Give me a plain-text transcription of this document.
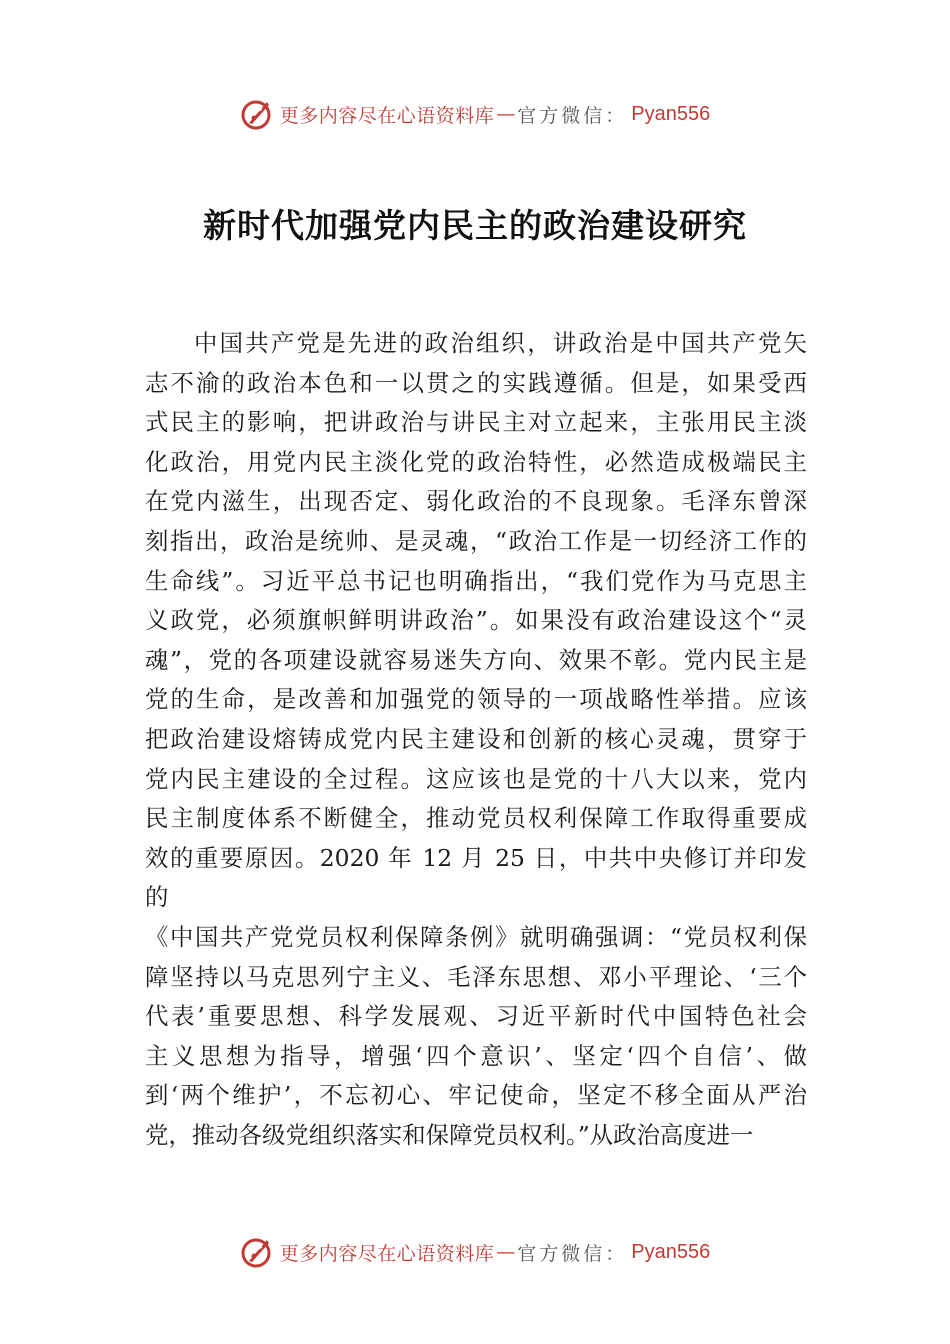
更多内容尽在心语资料库 — 官方微信： Pyan556
新时代加强党内民主的政治建设研究
中国共产党是先进的政治组织，讲政治是中国共产党矢
志不渝的政治本色和一以贯之的实践遵循。但是，如果受西
式民主的影响，把讲政治与讲民主对立起来，主张用民主淡
化政治，用党内民主淡化党的政治特性，必然造成极端民主
在党内滋生，出现否定、弱化政治的不良现象。毛泽东曾深
刻指出，政治是统帅、是灵魂，“政治工作是一切经济工作的
生命线”。习近平总书记也明确指出，“我们党作为马克思主
义政党，必须旗帜鲜明讲政治”。如果没有政治建设这个“灵
魂”，党的各项建设就容易迷失方向、效果不彰。党内民主是
党的生命，是改善和加强党的领导的一项战略性举措。应该
把政治建设熔铸成党内民主建设和创新的核心灵魂，贯穿于
党内民主建设的全过程。这应该也是党的十八大以来，党内
民主制度体系不断健全，推动党员权利保障工作取得重要成
效的重要原因。2020 年 12 月 25 日，中共中央修订并印发
的
《中国共产党党员权利保障条例》就明确强调：“党员权利保
障坚持以马克思列宁主义、毛泽东思想、邓小平理论、‘三个
代表’重要思想、科学发展观、习近平新时代中国特色社会
主义思想为指导，增强‘四个意识’、坚定‘四个自信’、做
到‘两个维护’，不忘初心、牢记使命，坚定不移全面从严治
党，推动各级党组织落实和保障党员权利。”从政治高度进一
更多内容尽在心语资料库 — 官方微信： Pyan556
